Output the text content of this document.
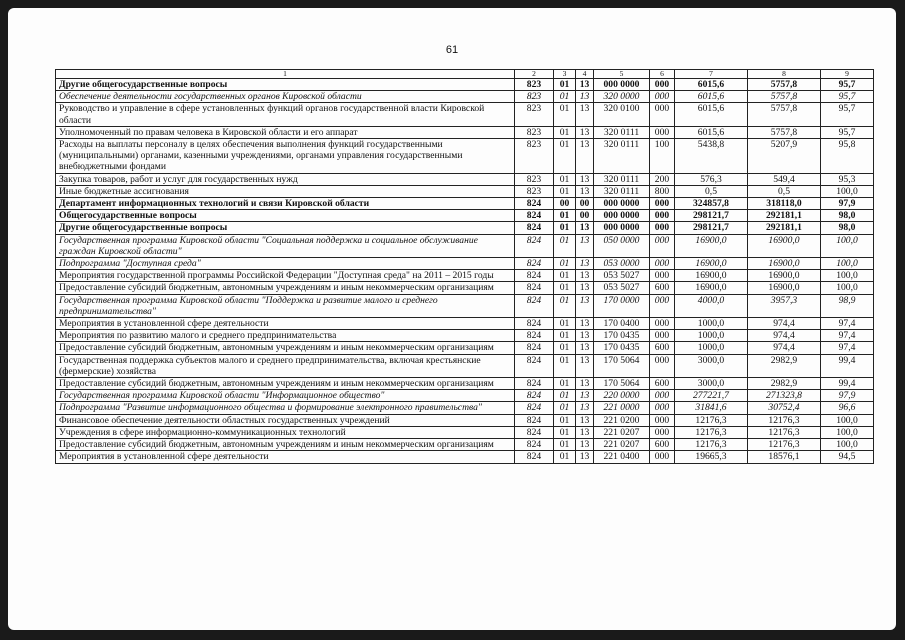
61
1	2	3	4	5	6	7	8	9
Другие общегосударственные вопросы	823	01	13	000 0000	000	6015,6	5757,8	95,7
Обеспечение деятельности государственных органов Кировской области	823	01	13	320 0000	000	6015,6	5757,8	95,7
Руководство и управление в сфере установленных функций органов государственной власти Кировской области	823	01	13	320 0100	000	6015,6	5757,8	95,7
Уполномоченный по правам человека в Кировской области и его аппарат	823	01	13	320 0111	000	6015,6	5757,8	95,7
Расходы на выплаты персоналу в целях обеспечения выполнения функций государственными (муниципальными) органами, казенными учреждениями, органами управления государственными внебюджетными фондами	823	01	13	320 0111	100	5438,8	5207,9	95,8
Закупка товаров, работ и услуг для государственных нужд	823	01	13	320 0111	200	576,3	549,4	95,3
Иные бюджетные ассигнования	823	01	13	320 0111	800	0,5	0,5	100,0
Департамент информационных технологий и связи Кировской области	824	00	00	000 0000	000	324857,8	318118,0	97,9
Общегосударственные вопросы	824	01	00	000 0000	000	298121,7	292181,1	98,0
Другие общегосударственные вопросы	824	01	13	000 0000	000	298121,7	292181,1	98,0
Государственная программа Кировской области "Социальная поддержка и социальное обслуживание граждан Кировской области"	824	01	13	050 0000	000	16900,0	16900,0	100,0
Подпрограмма "Доступная среда"	824	01	13	053 0000	000	16900,0	16900,0	100,0
Мероприятия государственной программы Российской Федерации "Доступная среда" на 2011 – 2015 годы	824	01	13	053 5027	000	16900,0	16900,0	100,0
Предоставление субсидий бюджетным, автономным учреждениям и иным некоммерческим организациям	824	01	13	053 5027	600	16900,0	16900,0	100,0
Государственная программа Кировской области "Поддержка и развитие малого и среднего предпринимательства"	824	01	13	170 0000	000	4000,0	3957,3	98,9
Мероприятия в установленной сфере деятельности	824	01	13	170 0400	000	1000,0	974,4	97,4
Мероприятия по развитию малого и среднего предпринимательства	824	01	13	170 0435	000	1000,0	974,4	97,4
Предоставление субсидий бюджетным, автономным учреждениям и иным некоммерческим организациям	824	01	13	170 0435	600	1000,0	974,4	97,4
Государственная поддержка субъектов малого и среднего предпринимательства, включая крестьянские (фермерские) хозяйства	824	01	13	170 5064	000	3000,0	2982,9	99,4
Предоставление субсидий бюджетным, автономным учреждениям и иным некоммерческим организациям	824	01	13	170 5064	600	3000,0	2982,9	99,4
Государственная программа Кировской области "Информационное общество"	824	01	13	220 0000	000	277221,7	271323,8	97,9
Подпрограмма "Развитие информационного общества и формирование электронного правительства"	824	01	13	221 0000	000	31841,6	30752,4	96,6
Финансовое обеспечение деятельности областных государственных учреждений	824	01	13	221 0200	000	12176,3	12176,3	100,0
Учреждения в сфере информационно-коммуникационных технологий	824	01	13	221 0207	000	12176,3	12176,3	100,0
Предоставление субсидий бюджетным, автономным учреждениям и иным некоммерческим организациям	824	01	13	221 0207	600	12176,3	12176,3	100,0
Мероприятия в установленной сфере деятельности	824	01	13	221 0400	000	19665,3	18576,1	94,5
